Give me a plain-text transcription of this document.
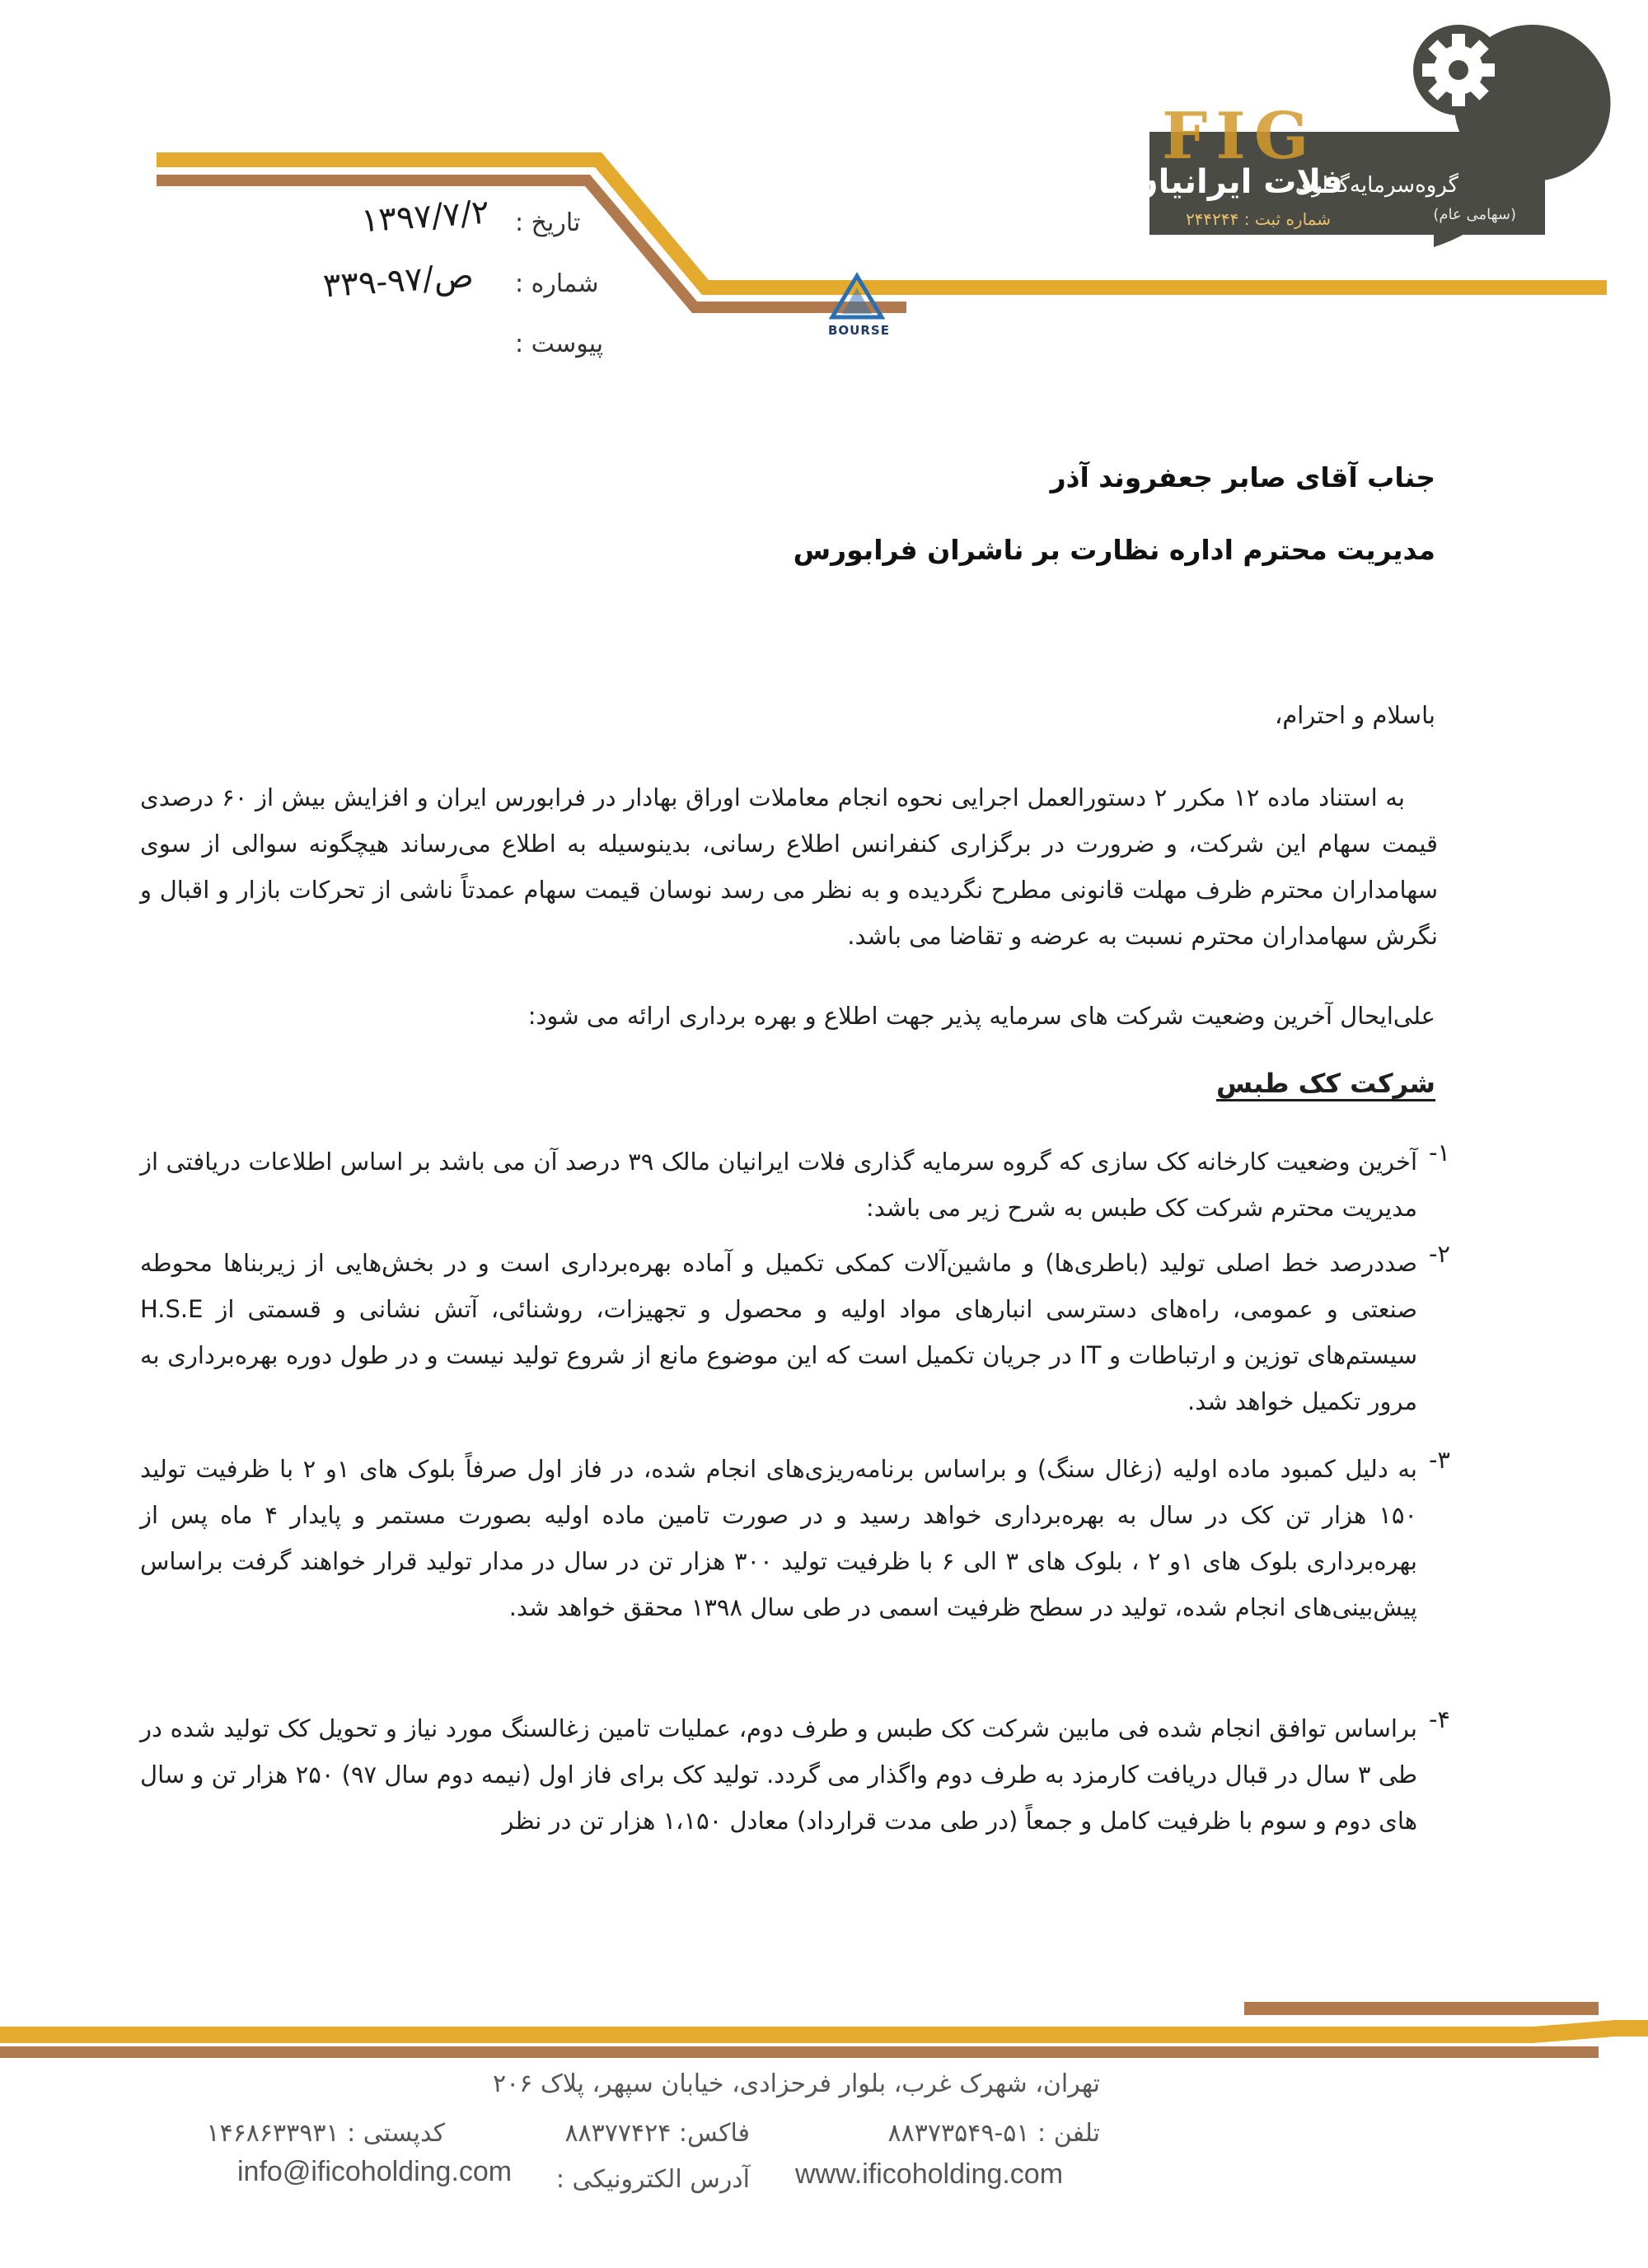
FIG
گروه‌سرمایه‌گذاری
فلات ایرانیان
(سهامی عام)
شماره ثبت : ۲۴۴۲۴۴
BOURSE
تاریخ :
۱۳۹۷/۷/۲
شماره :
ص/۹۷-۳۳۹
پیوست :
جناب آقای صابر جعفروند آذر
مدیریت محترم اداره نظارت بر ناشران فرابورس
باسلام و احترام،
به استناد ماده ۱۲ مکرر ۲ دستورالعمل اجرایی نحوه انجام معاملات اوراق بهادار در فرابورس ایران و افزایش بیش از ۶۰ درصدی قیمت سهام این شرکت، و ضرورت در برگزاری کنفرانس اطلاع رسانی، بدینوسیله به اطلاع می‌رساند هیچگونه سوالی از سوی سهامداران محترم ظرف مهلت قانونی مطرح نگردیده و به نظر می رسد نوسان قیمت سهام عمدتاً ناشی از تحرکات بازار و اقبال و نگرش سهامداران محترم نسبت به عرضه و تقاضا می باشد.
علی‌ایحال آخرین وضعیت شرکت های سرمایه پذیر جهت اطلاع و بهره برداری ارائه می شود:
شرکت کک طبس
۱-
آخرین وضعیت کارخانه کک سازی که گروه سرمایه گذاری فلات ایرانیان مالک ۳۹ درصد آن می باشد بر اساس اطلاعات دریافتی از مدیریت محترم شرکت کک طبس به شرح زیر می باشد:
۲-
صددرصد خط اصلی تولید (باطری‌ها) و ماشین‌آلات کمکی تکمیل و آماده بهره‌برداری است و در بخش‌هایی از زیربناها محوطه صنعتی و عمومی، راه‌های دسترسی انبارهای مواد اولیه و محصول و تجهیزات، روشنائی، آتش نشانی و قسمتی از H.S.E سیستم‌های توزین و ارتباطات و IT در جریان تکمیل است که این موضوع مانع از شروع تولید نیست و در طول دوره بهره‌برداری به مرور تکمیل خواهد شد.
۳-
به دلیل کمبود ماده اولیه (زغال سنگ) و براساس برنامه‌ریزی‌های انجام شده، در فاز اول صرفاً بلوک های ۱و ۲ با ظرفیت تولید ۱۵۰ هزار تن کک در سال به بهره‌برداری خواهد رسید و در صورت تامین ماده اولیه بصورت مستمر و پایدار ۴ ماه پس از بهره‌برداری بلوک های ۱و ۲ ، بلوک های ۳ الی ۶ با ظرفیت تولید ۳۰۰ هزار تن در سال در مدار تولید قرار خواهند گرفت براساس پیش‌بینی‌های انجام شده، تولید در سطح ظرفیت اسمی در طی سال ۱۳۹۸ محقق خواهد شد.
۴-
براساس توافق انجام شده فی مابین شرکت کک طبس و طرف دوم، عملیات تامین زغالسنگ مورد نیاز و تحویل کک تولید شده در طی ۳ سال در قبال دریافت کارمزد به طرف دوم واگذار می گردد. تولید کک برای فاز اول (نیمه دوم سال ۹۷) ۲۵۰ هزار تن و سال های دوم و سوم با ظرفیت کامل و جمعاً (در طی مدت قرارداد) معادل ۱،۱۵۰ هزار تن در نظر
تهران، شهرک غرب، بلوار فرحزادی، خیابان سپهر، پلاک ۲۰۶
تلفن : ۵۱-۸۸۳۷۳۵۴۹
فاکس: ۸۸۳۷۷۴۲۴
کدپستی : ۱۴۶۸۶۳۳۹۳۱
www.ificoholding.com
آدرس الکترونیکی :
info@ificoholding.com
